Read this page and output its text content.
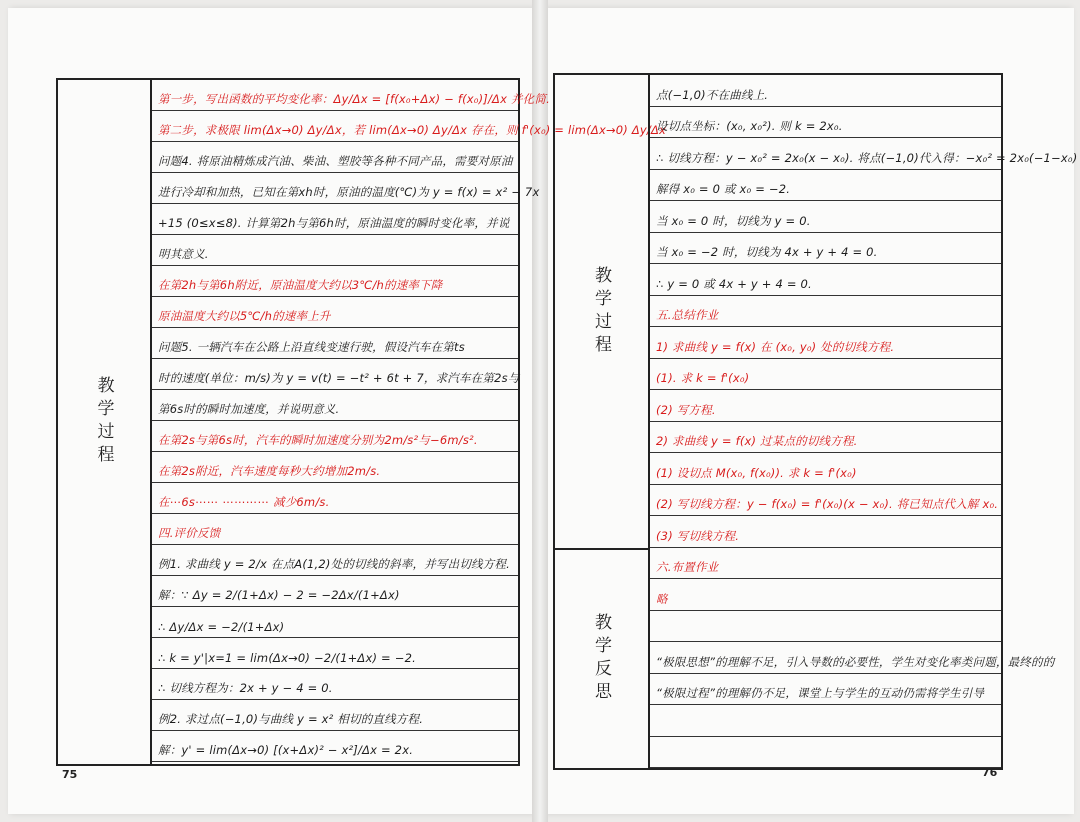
教学过程
第一步，写出函数的平均变化率：Δy/Δx = [f(x₀+Δx) − f(x₀)]/Δx 并化简.
第二步，求极限 lim(Δx→0) Δy/Δx，若 lim(Δx→0) Δy/Δx 存在，则 f'(x₀) = lim(Δx→0) Δy/Δx
问题4. 将原油精炼成汽油、柴油、塑胶等各种不同产品，需要对原油
进行冷却和加热，已知在第xh时，原油的温度(℃)为 y = f(x) = x² − 7x
+15 (0≤x≤8). 计算第2h与第6h时，原油温度的瞬时变化率，并说
明其意义.
在第2h与第6h附近，原油温度大约以3℃/h的速率下降
原油温度大约以5℃/h的速率上升
问题5. 一辆汽车在公路上沿直线变速行驶，假设汽车在第ts
时的速度(单位：m/s)为 y = v(t) = −t² + 6t + 7，求汽车在第2s与
第6s时的瞬时加速度，并说明意义.
在第2s与第6s时，汽车的瞬时加速度分别为2m/s²与−6m/s².
在第2s附近，汽车速度每秒大约增加2m/s.
在⋯6s⋯⋯ ⋯⋯⋯⋯ 减少6m/s.
四.评价反馈
例1. 求曲线 y = 2/x 在点A(1,2)处的切线的斜率，并写出切线方程.
解：∵ Δy = 2/(1+Δx) − 2 = −2Δx/(1+Δx)
∴ Δy/Δx = −2/(1+Δx)
∴ k = y'|x=1 = lim(Δx→0) −2/(1+Δx) = −2.
∴ 切线方程为：2x + y − 4 = 0.
例2. 求过点(−1,0)与曲线 y = x² 相切的直线方程.
解：y' = lim(Δx→0) [(x+Δx)² − x²]/Δx = 2x.
75
教学过程
教学反思
点(−1,0)不在曲线上.
设切点坐标：(x₀, x₀²). 则 k = 2x₀.
∴ 切线方程：y − x₀² = 2x₀(x − x₀). 将点(−1,0)代入得：−x₀² = 2x₀(−1−x₀)
解得 x₀ = 0 或 x₀ = −2.
当 x₀ = 0 时，切线为 y = 0.
当 x₀ = −2 时，切线为 4x + y + 4 = 0.
∴ y = 0 或 4x + y + 4 = 0.
五.总结作业
1) 求曲线 y = f(x) 在 (x₀, y₀) 处的切线方程.
(1). 求 k = f'(x₀)
(2) 写方程.
2) 求曲线 y = f(x) 过某点的切线方程.
(1) 设切点 M(x₀, f(x₀)). 求 k = f'(x₀)
(2) 写切线方程：y − f(x₀) = f'(x₀)(x − x₀). 将已知点代入解 x₀.
(3) 写切线方程.
六.布置作业
略
“极限思想”的理解不足，引入导数的必要性，学生对变化率类问题，最终的的
“极限过程”的理解仍不足，课堂上与学生的互动仍需将学生引导
76
